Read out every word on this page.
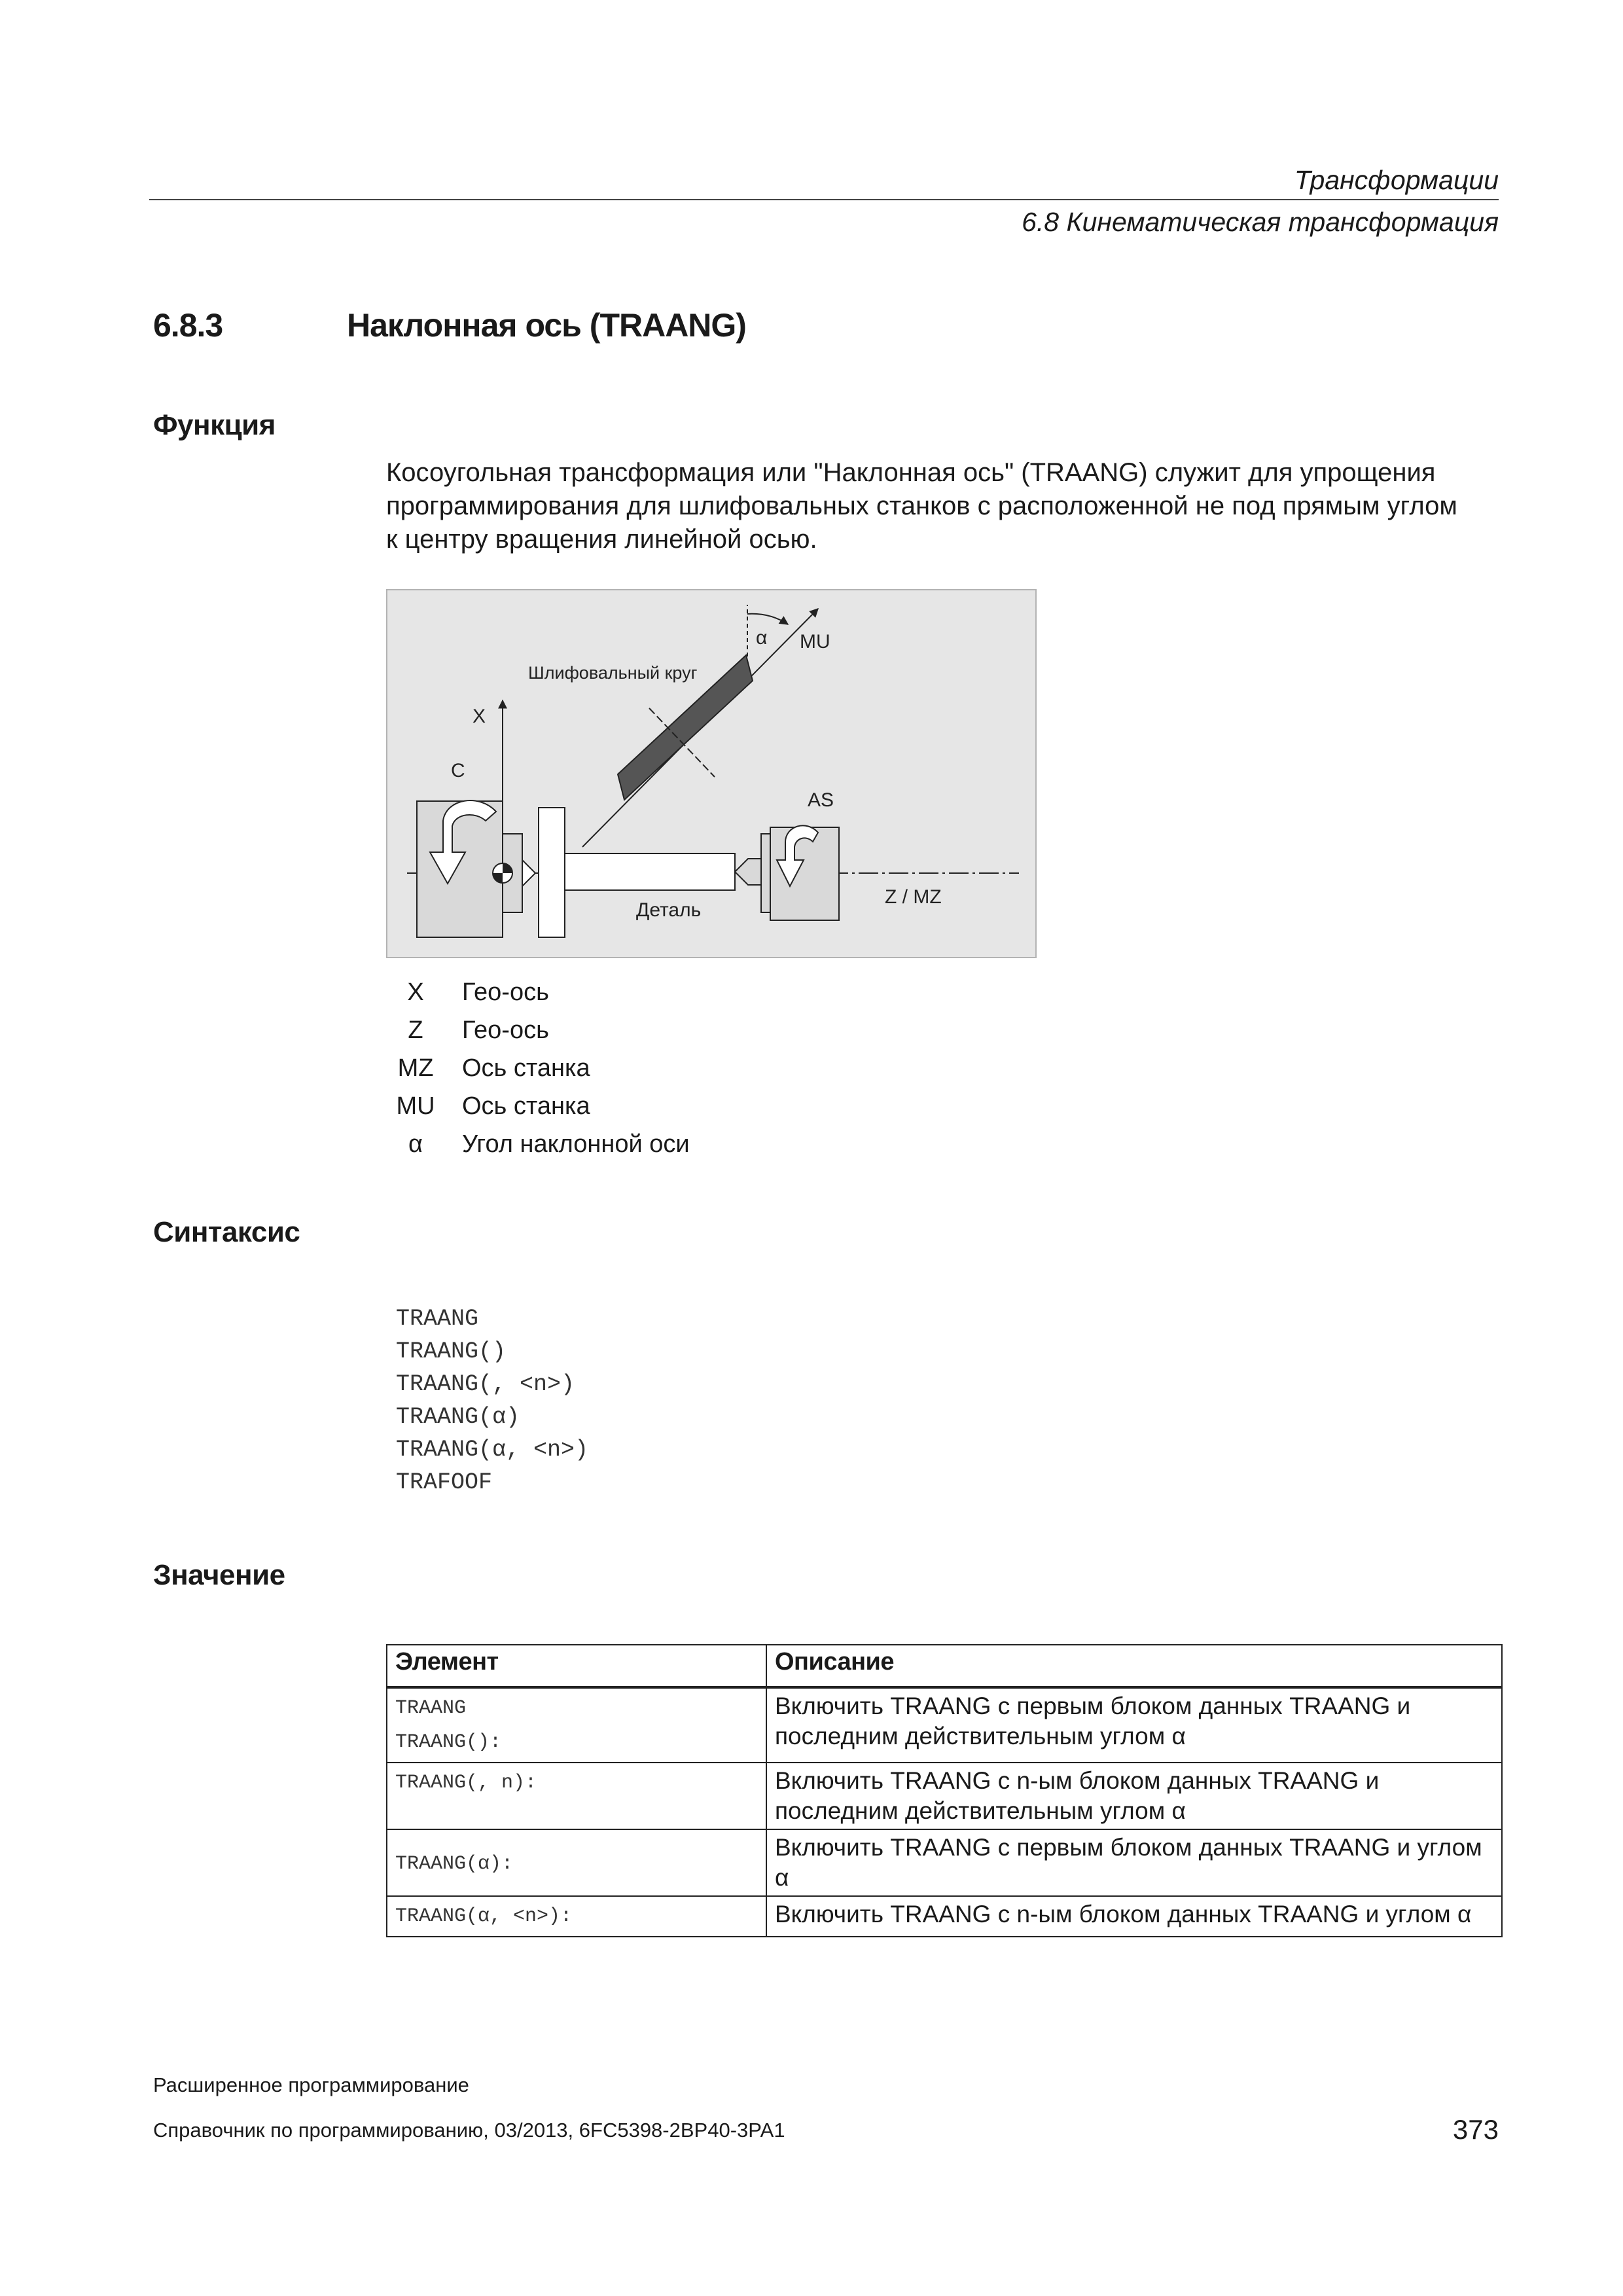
Трансформации
6.8 Кинематическая трансформация
6.8.3	Наклонная ось (TRAANG)
Функция
Косоугольная трансформация или "Наклонная ось" (TRAANG) служит для упрощения
программирования для шлифовальных станков с расположенной не под прямым углом
к центру вращения линейной осью.
Шлифовальный круг
α MU
X
C
AS
Z / MZ
Деталь
X	Гео-ось
Z	Гео-ось
MZ	Ось станка
MU	Ось станка
α	Угол наклонной оси
Синтаксис
TRAANG
TRAANG()
TRAANG(, <n>)
TRAANG(α)
TRAANG(α, <n>)
TRAFOOF
Значение
Элемент	Описание

TRAANG
TRAANG():	Включить TRAANG с первым блоком данных TRAANG и последним действительным углом α

TRAANG(, n):	Включить TRAANG с n-ым блоком данных TRAANG и последним действительным углом α

TRAANG(α):	Включить TRAANG с первым блоком данных TRAANG и углом α

TRAANG(α, <n>):	Включить TRAANG с n-ым блоком данных TRAANG и углом α
Расширенное программирование
Справочник по программированию, 03/2013, 6FC5398-2BP40-3PA1	373
